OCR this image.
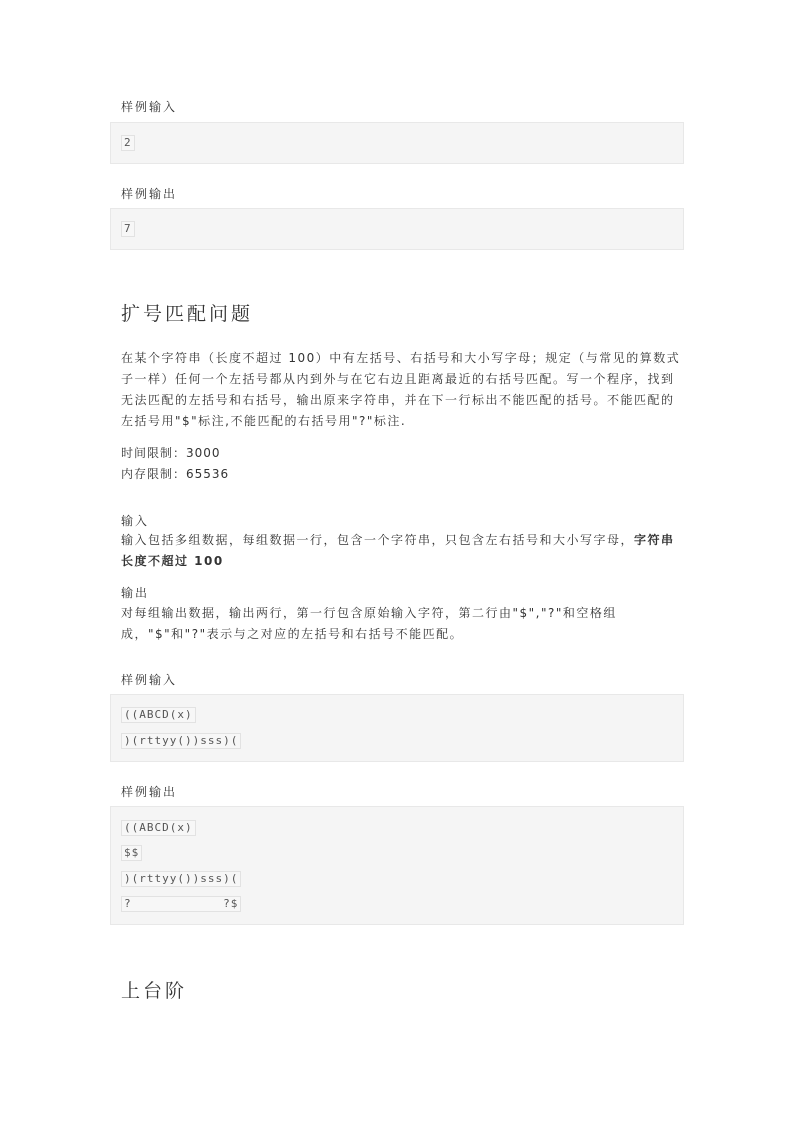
样例输入
2
样例输出
7
扩号匹配问题

在某个字符串（长度不超过 100）中有左括号、右括号和大小写字母；规定（与常见的算数式子一样）任何一个左括号都从内到外与在它右边且距离最近的右括号匹配。写一个程序，找到无法匹配的左括号和右括号，输出原来字符串，并在下一行标出不能匹配的括号。不能匹配的左括号用"$"标注,不能匹配的右括号用"?"标注.

时间限制：3000
内存限制：65536
输入

输入包括多组数据，每组数据一行，包含一个字符串，只包含左右括号和大小写字母，字符串长度不超过 100

输出

对每组输出数据，输出两行，第一行包含原始输入字符，第二行由"$","?"和空格组成，"$"和"?"表示与之对应的左括号和右括号不能匹配。

样例输入
((ABCD(x)
)(rttyy())sss)(
样例输出
((ABCD(x)
$$
)(rttyy())sss)(
?            ?$
上台阶
